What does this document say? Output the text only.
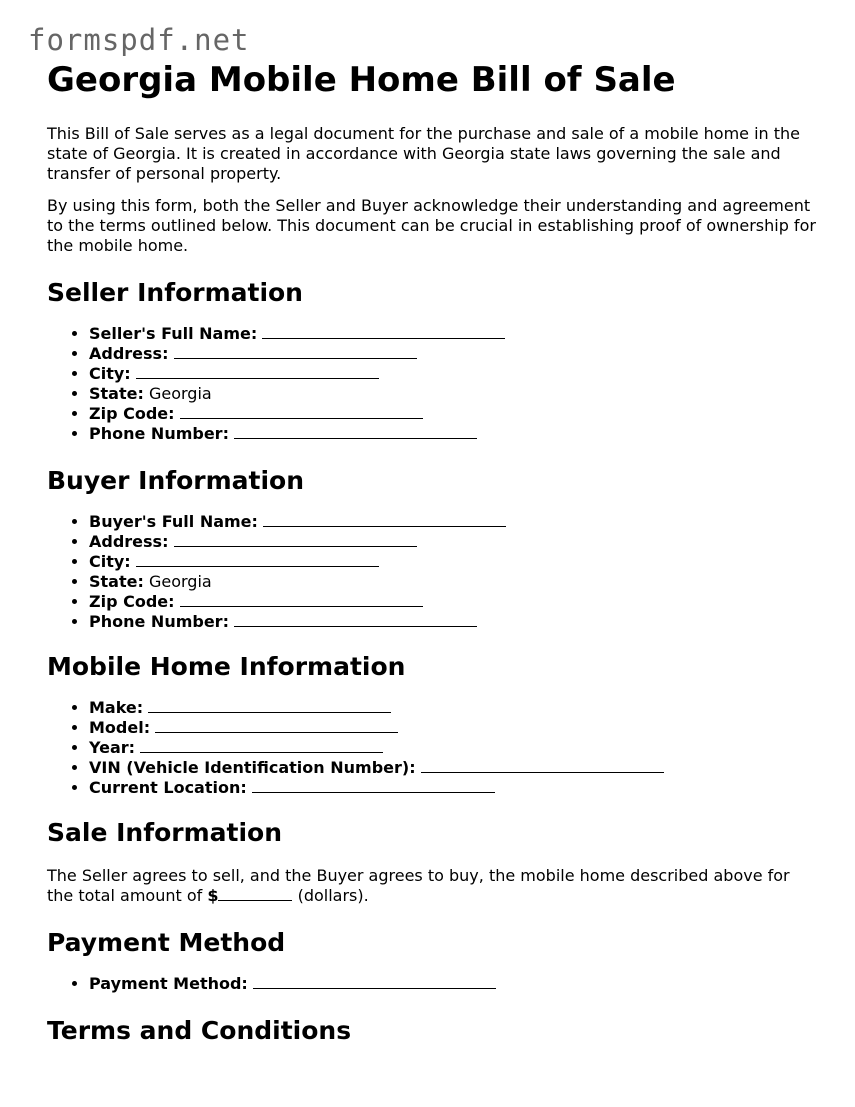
formspdf.net
Georgia Mobile Home Bill of Sale

This Bill of Sale serves as a legal document for the purchase and sale of a mobile home in the state of Georgia. It is created in accordance with Georgia state laws governing the sale and transfer of personal property.

By using this form, both the Seller and Buyer acknowledge their understanding and agreement to the terms outlined below. This document can be crucial in establishing proof of ownership for the mobile home.

Seller Information
• Seller's Full Name:
• Address:
• City:
• State: Georgia
• Zip Code:
• Phone Number:
Buyer Information
• Buyer's Full Name:
• Address:
• City:
• State: Georgia
• Zip Code:
• Phone Number:
Mobile Home Information
• Make:
• Model:
• Year:
• VIN (Vehicle Identification Number):
• Current Location:
Sale Information

The Seller agrees to sell, and the Buyer agrees to buy, the mobile home described above for the total amount of $	(dollars).

Payment Method
• Payment Method:
Terms and Conditions
